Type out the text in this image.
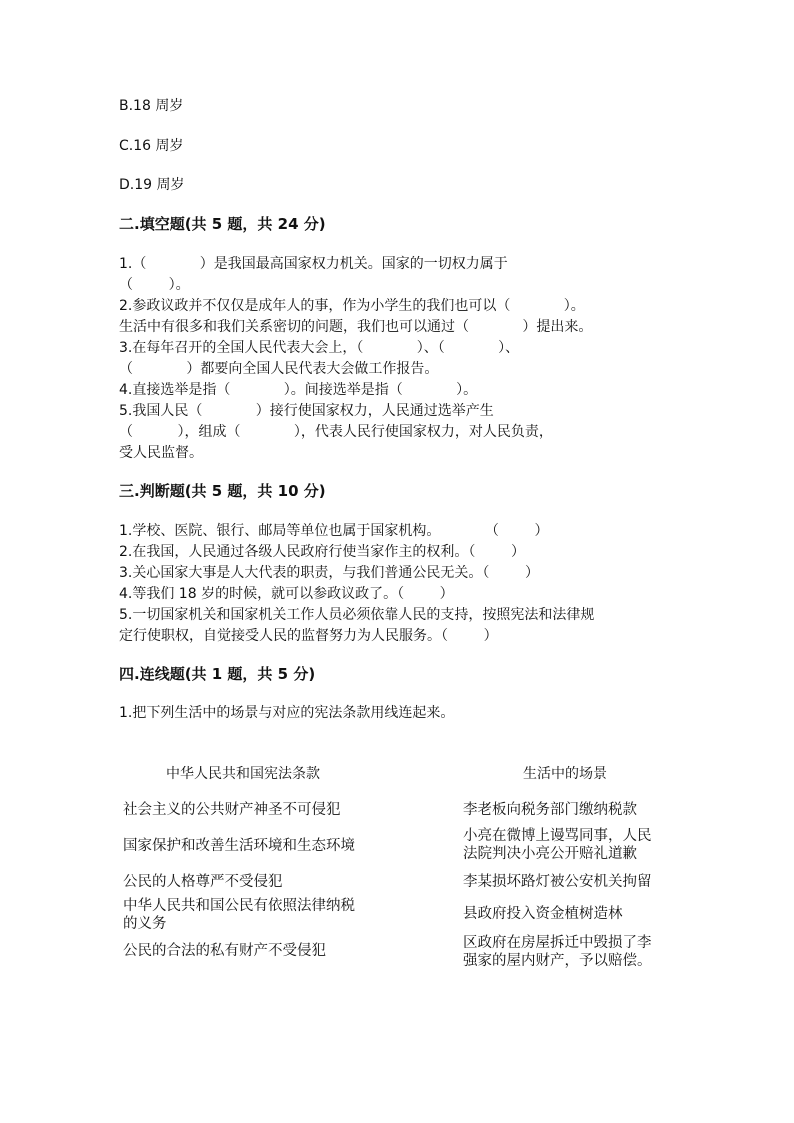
B.18 周岁
C.16 周岁
D.19 周岁
二.填空题(共 5 题，共 24 分)
1.（            ）是我国最高国家权力机关。国家的一切权力属于
（        ）。
2.参政议政并不仅仅是成年人的事，作为小学生的我们也可以（            ）。
生活中有很多和我们关系密切的问题，我们也可以通过（            ）提出来。
3.在每年召开的全国人民代表大会上，（            ）、（            ）、
（            ）都要向全国人民代表大会做工作报告。
4.直接选举是指（            ）。间接选举是指（            ）。
5.我国人民（            ）接行使国家权力，人民通过选举产生
（          ），组成（            ），代表人民行使国家权力，对人民负责，
受人民监督。
三.判断题(共 5 题，共 10 分)
1.学校、医院、银行、邮局等单位也属于国家机构。          （        ）
2.在我国，人民通过各级人民政府行使当家作主的权利。（        ）
3.关心国家大事是人大代表的职责，与我们普通公民无关。（        ）
4.等我们 18 岁的时候，就可以参政议政了。（        ）
5.一切国家机关和国家机关工作人员必须依靠人民的支持，按照宪法和法律规
定行使职权，自觉接受人民的监督努力为人民服务。（        ）
四.连线题(共 1 题，共 5 分)
1.把下列生活中的场景与对应的宪法条款用线连起来。
中华人民共和国宪法条款	生活中的场景
社会主义的公共财产神圣不可侵犯
国家保护和改善生活环境和生态环境
公民的人格尊严不受侵犯
中华人民共和国公民有依照法律纳税
的义务
公民的合法的私有财产不受侵犯
李老板向税务部门缴纳税款
小亮在微博上谩骂同事，人民
法院判决小亮公开赔礼道歉
李某损坏路灯被公安机关拘留
县政府投入资金植树造林
区政府在房屋拆迁中毁损了李
强家的屋内财产，予以赔偿。
